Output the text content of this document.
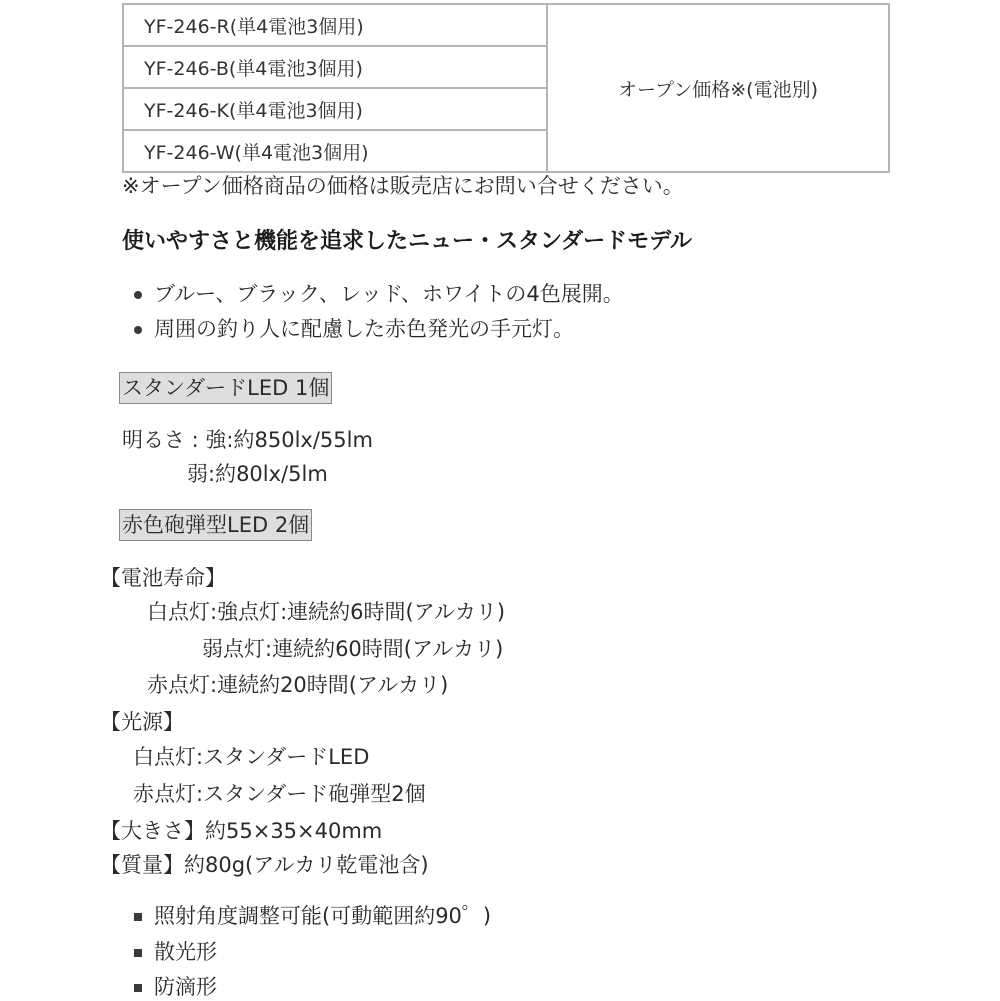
YF-246-R(単4電池3個用)	オープン価格※(電池別)
YF-246-B(単4電池3個用)
YF-246-K(単4電池3個用)
YF-246-W(単4電池3個用)
※オープン価格商品の価格は販売店にお問い合せください。
使いやすさと機能を追求したニュー・スタンダードモデル
ブルー、ブラック、レッド、ホワイトの4色展開。
周囲の釣り人に配慮した赤色発光の手元灯。
スタンダードLED 1個
明るさ : 強:約850lx/55lm
弱:約80lx/5lm
赤色砲弾型LED 2個
【電池寿命】
白点灯:強点灯:連続約6時間(アルカリ)
弱点灯:連続約60時間(アルカリ)
赤点灯:連続約20時間(アルカリ)
【光源】
白点灯:スタンダードLED
赤点灯:スタンダード砲弾型2個
【大きさ】約55×35×40mm
【質量】約80g(アルカリ乾電池含)
照射角度調整可能(可動範囲約90゜)
散光形
防滴形
